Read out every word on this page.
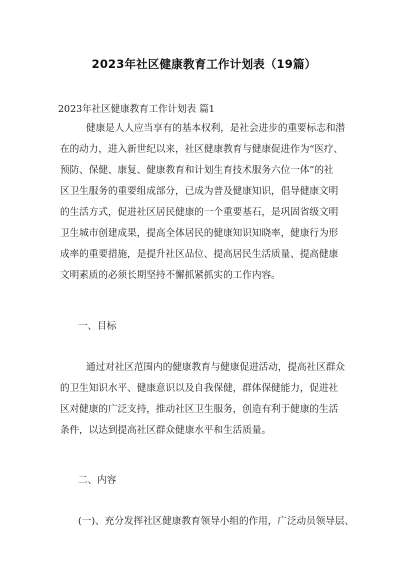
2023年社区健康教育工作计划表（19篇）
2023年社区健康教育工作计划表 篇1
健康是人人应当享有的基本权利，是社会进步的重要标志和潜
在的动力，进入新世纪以来，社区健康教育与健康促进作为“医疗、
预防、保健、康复、健康教育和计划生育技术服务六位一体”的社
区卫生服务的重要组成部分，已成为普及健康知识，倡导健康文明
的生活方式，促进社区居民健康的一个重要基石，是巩固省级文明
卫生城市创建成果，提高全体居民的健康知识知晓率，健康行为形
成率的重要措施，是提升社区品位、提高居民生活质量、提高健康
文明素质的必须长期坚持不懈抓紧抓实的工作内容。
一、目标
通过对社区范围内的健康教育与健康促进活动，提高社区群众
的卫生知识水平、健康意识以及自我保健，群体保健能力，促进社
区对健康的广泛支持，推动社区卫生服务，创造有利于健康的生活
条件，以达到提高社区群众健康水平和生活质量。
二、内容
(一)、充分发挥社区健康教育领导小组的作用，广泛动员领导层、
